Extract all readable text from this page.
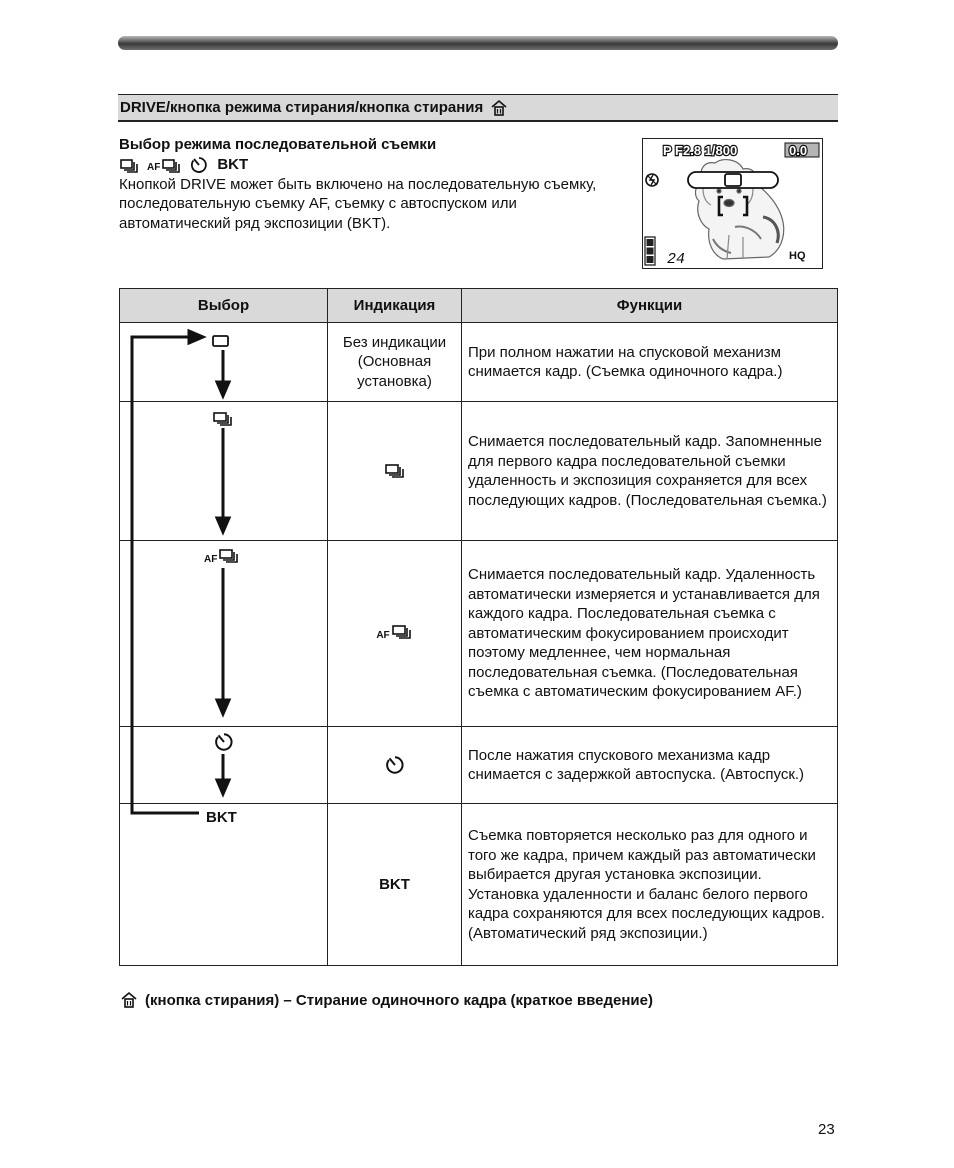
DRIVE/кнопка режима стирания/кнопка стирания
Выбор режима последовательной съемки
AF	BKT
Кнопкой DRIVE может быть включено на последовательную съемку, последовательную съемку AF, съемку с автоспуском или автоматический ряд экспозиции (BKT).
P F2.8 1/800	0.0
24	HQ
Выбор	Индикация	Функции

	Без индикации (Основная установка)	При полном нажатии на спусковой механизм снимается кадр. (Съемка одиночного кадра.)

		Снимается последовательный кадр. Запомненные для первого кадра последовательной съемки удаленность и экспозиция сохраняется для всех последующих кадров. (Последовательная съемка.)

AF	AF	Снимается последовательный кадр. Удаленность автоматически измеряется и устанавливается для каждого кадра. Последовательная съемка с автоматическим фокусированием происходит поэтому медленнее, чем нормальная последовательная съемка. (Последовательная съемка с автоматическим фокусированием AF.)

		После нажатия спускового механизма кадр снимается с задержкой автоспуска. (Автоспуск.)

BKT	BKT	Съемка повторяется несколько раз для одного и того же кадра, причем каждый раз автоматически выбирается другая установка экспозиции. Установка удаленности и баланс белого первого кадра сохраняются для всех последующих кадров. (Автоматический ряд экспозиции.)
(кнопка стирания) – Стирание одиночного кадра (краткое введение)
23
